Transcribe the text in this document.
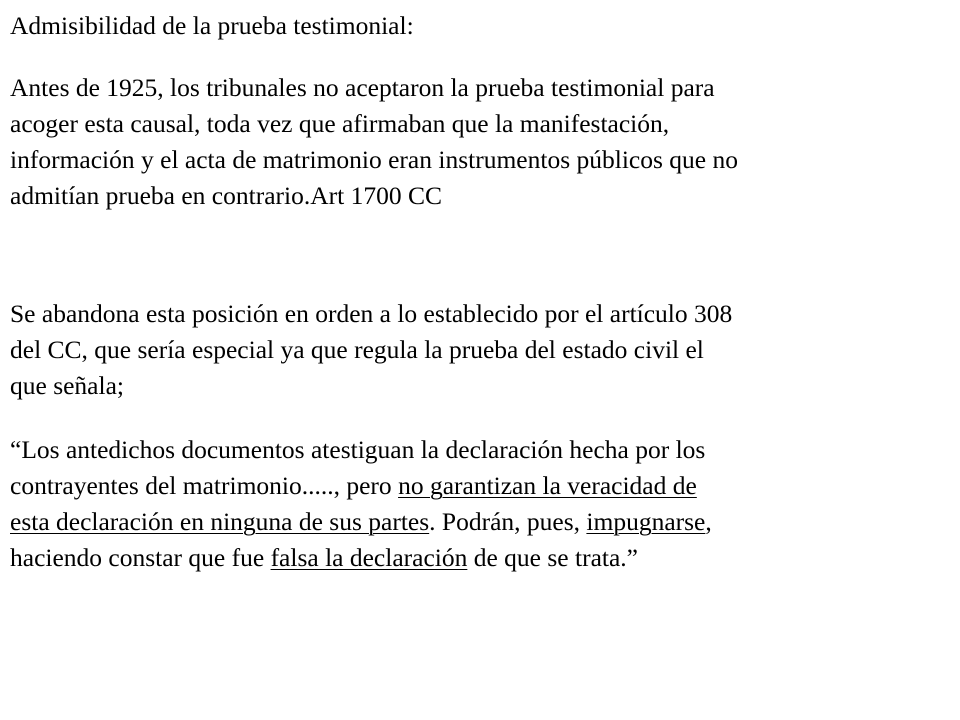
Admisibilidad de la prueba testimonial:

Antes de 1925, los tribunales no aceptaron la prueba testimonial para
acoger esta causal, toda vez que afirmaban que la manifestación,
información y el acta de matrimonio eran instrumentos públicos que no
admitían prueba en contrario.Art 1700 CC

Se abandona esta posición en orden a lo establecido por el artículo 308
del CC, que sería especial ya que regula la prueba del estado civil el
que señala;

“Los antedichos documentos atestiguan la declaración hecha por los
contrayentes del matrimonio....., pero no garantizan la veracidad de
esta declaración en ninguna de sus partes. Podrán, pues, impugnarse,
haciendo constar que fue falsa la declaración de que se trata.”
